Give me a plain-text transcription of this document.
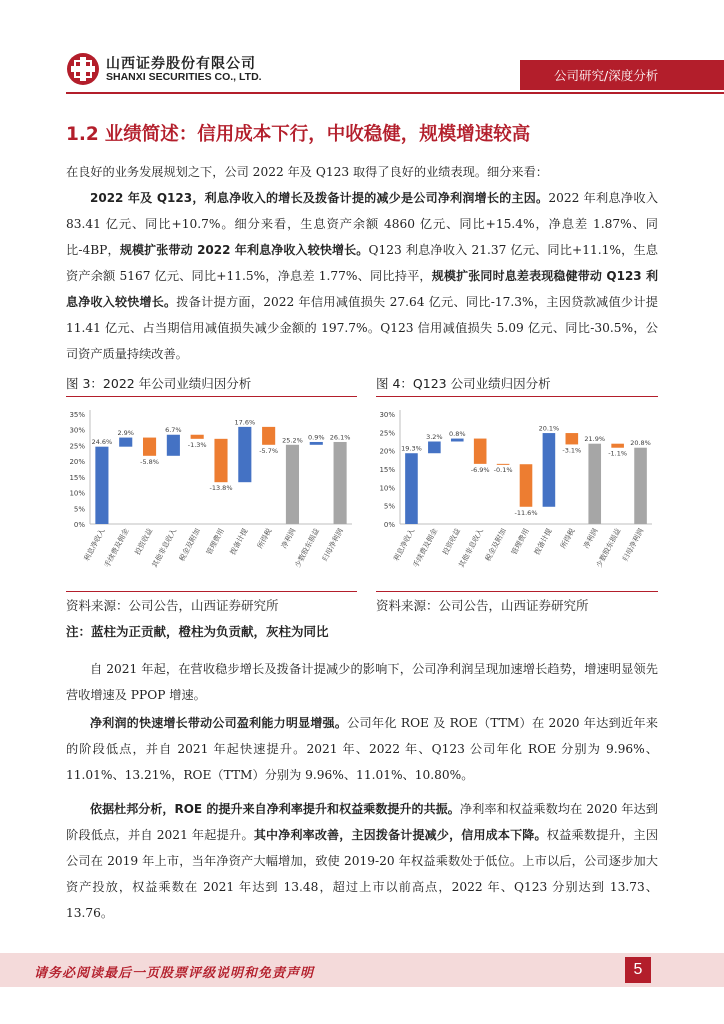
山西证券股份有限公司
SHANXI SECURITIES CO., LTD.	公司研究/深度分析
1.2 业绩简述：信用成本下行，中收稳健，规模增速较高

在良好的业务发展规划之下，公司 2022 年及 Q123 取得了良好的业绩表现。细分来看：

2022 年及 Q123，利息净收入的增长及拨备计提的减少是公司净利润增长的主因。2022 年利息净收入 83.41 亿元、同比+10.7%。细分来看，生息资产余额 4860 亿元、同比+15.4%，净息差 1.87%、同比-4BP，规模扩张带动 2022 年利息净收入较快增长。Q123 利息净收入 21.37 亿元、同比+11.1%，生息资产余额 5167 亿元、同比+11.5%，净息差 1.77%、同比持平，规模扩张同时息差表现稳健带动 Q123 利息净收入较快增长。拨备计提方面，2022 年信用减值损失 27.64 亿元、同比-17.3%，主因贷款减值少计提 11.41 亿元、占当期信用减值损失减少金额的 197.7%。Q123 信用减值损失 5.09 亿元、同比-30.5%，公司资产质量持续改善。

图 3：2022 年公司业绩归因分析
0%
5%
10%
15%
20%
25%
30%
35%
24.6%
利息净收入
2.9%
手续费及佣金
-5.8%
投资收益
6.7%
其他非息收入
-1.3%
税金及附加
-13.8%
管理费用
17.6%
拨备计提
-5.7%
所得税
25.2%
净利润
0.9%
少数股东损益
26.1%
归母净利润
资料来源：公司公告，山西证券研究所
图 4：Q123 公司业绩归因分析
0%
5%
10%
15%
20%
25%
30%
19.3%
利息净收入
3.2%
手续费及佣金
0.8%
投资收益
-6.9%
其他非息收入
-0.1%
税金及附加
-11.6%
管理费用
20.1%
拨备计提
-3.1%
所得税
21.9%
净利润
-1.1%
少数股东损益
20.8%
归母净利润
资料来源：公司公告，山西证券研究所
注：蓝柱为正贡献，橙柱为负贡献，灰柱为同比

自 2021 年起，在营收稳步增长及拨备计提减少的影响下，公司净利润呈现加速增长趋势，增速明显领先营收增速及 PPOP 增速。

净利润的快速增长带动公司盈利能力明显增强。公司年化 ROE 及 ROE（TTM）在 2020 年达到近年来的阶段低点，并自 2021 年起快速提升。2021 年、2022 年、Q123 公司年化 ROE 分别为 9.96%、11.01%、13.21%，ROE（TTM）分别为 9.96%、11.01%、10.80%。

依据杜邦分析，ROE 的提升来自净利率提升和权益乘数提升的共振。净利率和权益乘数均在 2020 年达到阶段低点，并自 2021 年起提升。其中净利率改善，主因拨备计提减少，信用成本下降。权益乘数提升，主因公司在 2019 年上市，当年净资产大幅增加，致使 2019-20 年权益乘数处于低位。上市以后，公司逐步加大资产投放，权益乘数在 2021 年达到 13.48，超过上市以前高点，2022 年、Q123 分别达到 13.73、13.76。

请务必阅读最后一页股票评级说明和免责声明	5
